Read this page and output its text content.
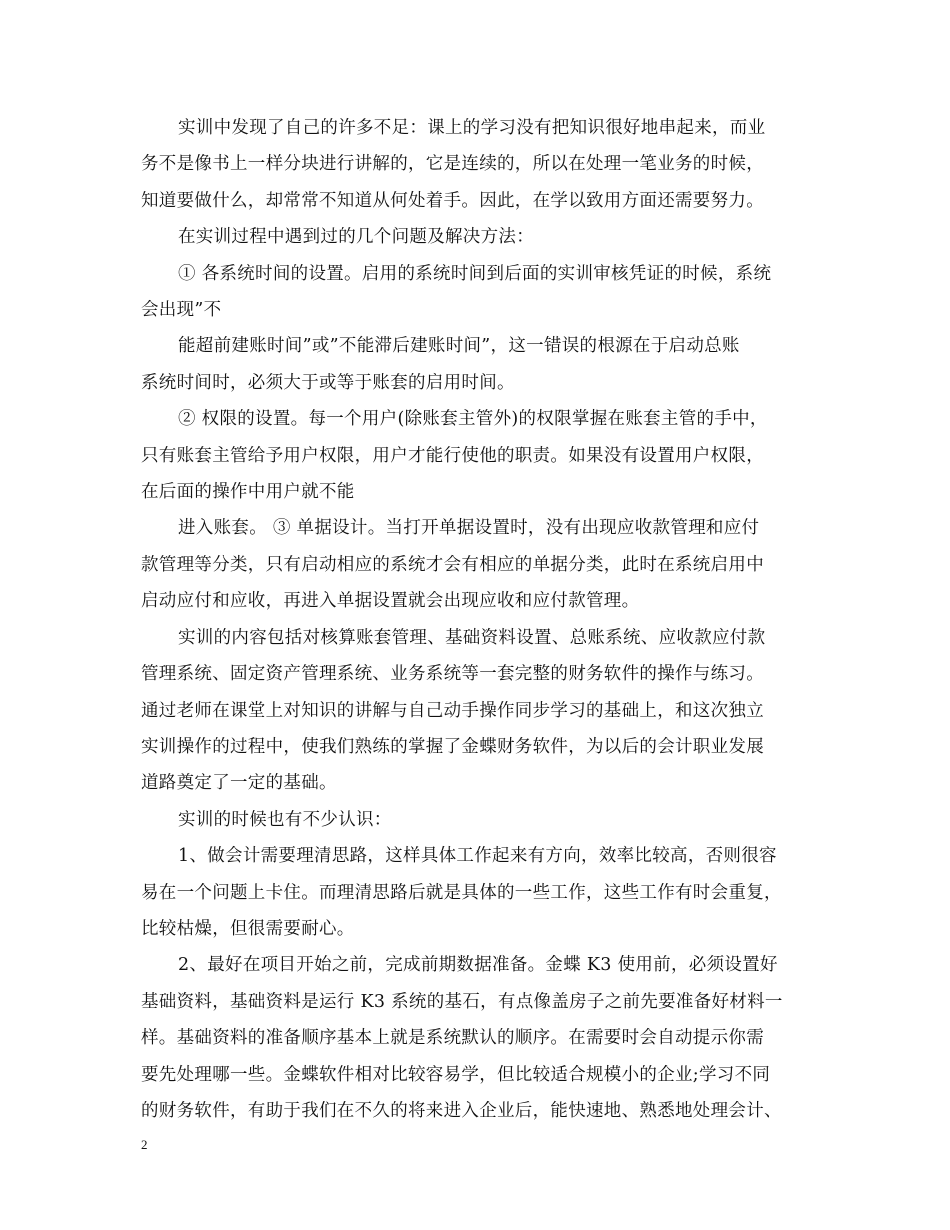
实训中发现了自己的许多不足：课上的学习没有把知识很好地串起来，而业
务不是像书上一样分块进行讲解的，它是连续的，所以在处理一笔业务的时候，
知道要做什么，却常常不知道从何处着手。因此，在学以致用方面还需要努力。
在实训过程中遇到过的几个问题及解决方法：
① 各系统时间的设置。启用的系统时间到后面的实训审核凭证的时候，系统
会出现”不
能超前建账时间”或”不能滞后建账时间”，这一错误的根源在于启动总账
系统时间时，必须大于或等于账套的启用时间。
② 权限的设置。每一个用户(除账套主管外)的权限掌握在账套主管的手中，
只有账套主管给予用户权限，用户才能行使他的职责。如果没有设置用户权限，
在后面的操作中用户就不能
进入账套。 ③ 单据设计。当打开单据设置时，没有出现应收款管理和应付
款管理等分类，只有启动相应的系统才会有相应的单据分类，此时在系统启用中
启动应付和应收，再进入单据设置就会出现应收和应付款管理。
实训的内容包括对核算账套管理、基础资料设置、总账系统、应收款应付款
管理系统、固定资产管理系统、业务系统等一套完整的财务软件的操作与练习。
通过老师在课堂上对知识的讲解与自己动手操作同步学习的基础上，和这次独立
实训操作的过程中，使我们熟练的掌握了金蝶财务软件，为以后的会计职业发展
道路奠定了一定的基础。
实训的时候也有不少认识：
1、做会计需要理清思路，这样具体工作起来有方向，效率比较高，否则很容
易在一个问题上卡住。而理清思路后就是具体的一些工作，这些工作有时会重复，
比较枯燥，但很需要耐心。
2、最好在项目开始之前，完成前期数据准备。金蝶 K3 使用前，必须设置好
基础资料，基础资料是运行 K3 系统的基石，有点像盖房子之前先要准备好材料一
样。基础资料的准备顺序基本上就是系统默认的顺序。在需要时会自动提示你需
要先处理哪一些。金蝶软件相对比较容易学，但比较适合规模小的企业;学习不同
的财务软件，有助于我们在不久的将来进入企业后，能快速地、熟悉地处理会计、
2
